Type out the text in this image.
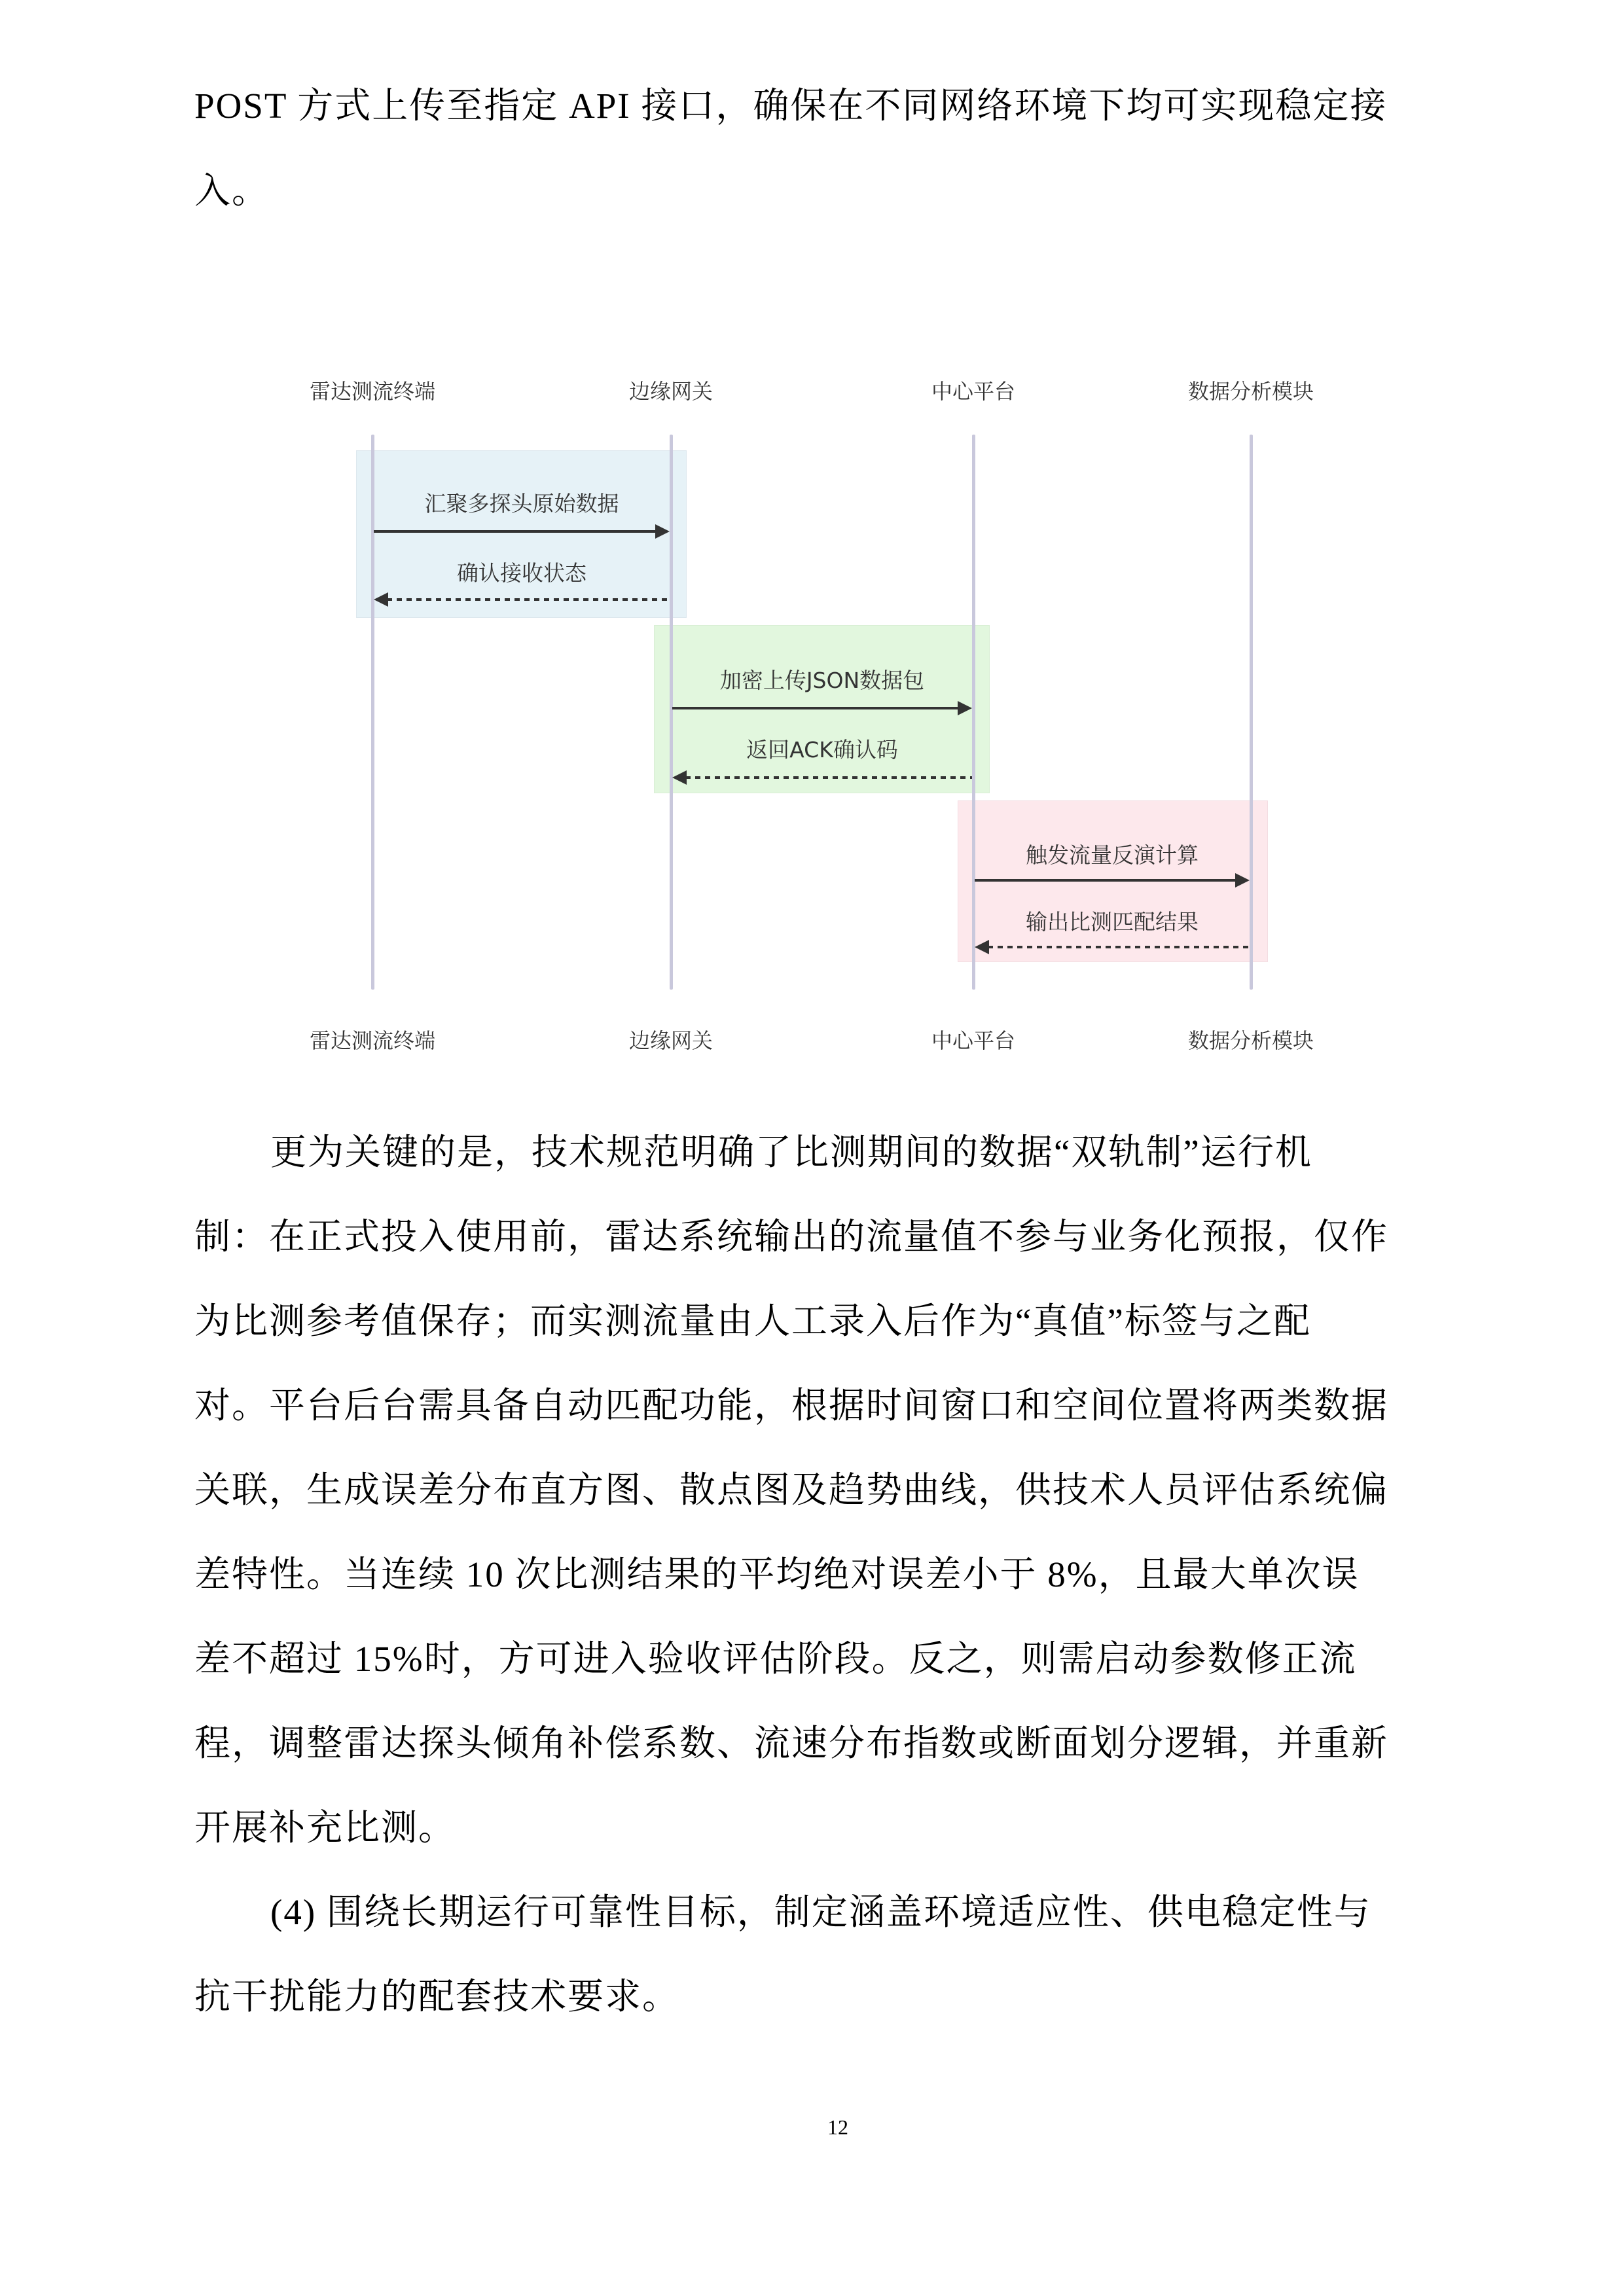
POST 方式上传至指定 API 接口，确保在不同网络环境下均可实现稳定接
入。
雷达测流终端	边缘网关	中心平台	数据分析模块
雷达测流终端	边缘网关	中心平台	数据分析模块
汇聚多探头原始数据
确认接收状态
加密上传JSON数据包
返回ACK确认码
触发流量反演计算
输出比测匹配结果
更为关键的是，技术规范明确了比测期间的数据“双轨制”运行机
制：在正式投入使用前，雷达系统输出的流量值不参与业务化预报，仅作
为比测参考值保存；而实测流量由人工录入后作为“真值”标签与之配
对。平台后台需具备自动匹配功能，根据时间窗口和空间位置将两类数据
关联，生成误差分布直方图、散点图及趋势曲线，供技术人员评估系统偏
差特性。当连续 10 次比测结果的平均绝对误差小于 8%，且最大单次误
差不超过 15%时，方可进入验收评估阶段。反之，则需启动参数修正流
程，调整雷达探头倾角补偿系数、流速分布指数或断面划分逻辑，并重新
开展补充比测。
(4) 围绕长期运行可靠性目标，制定涵盖环境适应性、供电稳定性与
抗干扰能力的配套技术要求。
12
